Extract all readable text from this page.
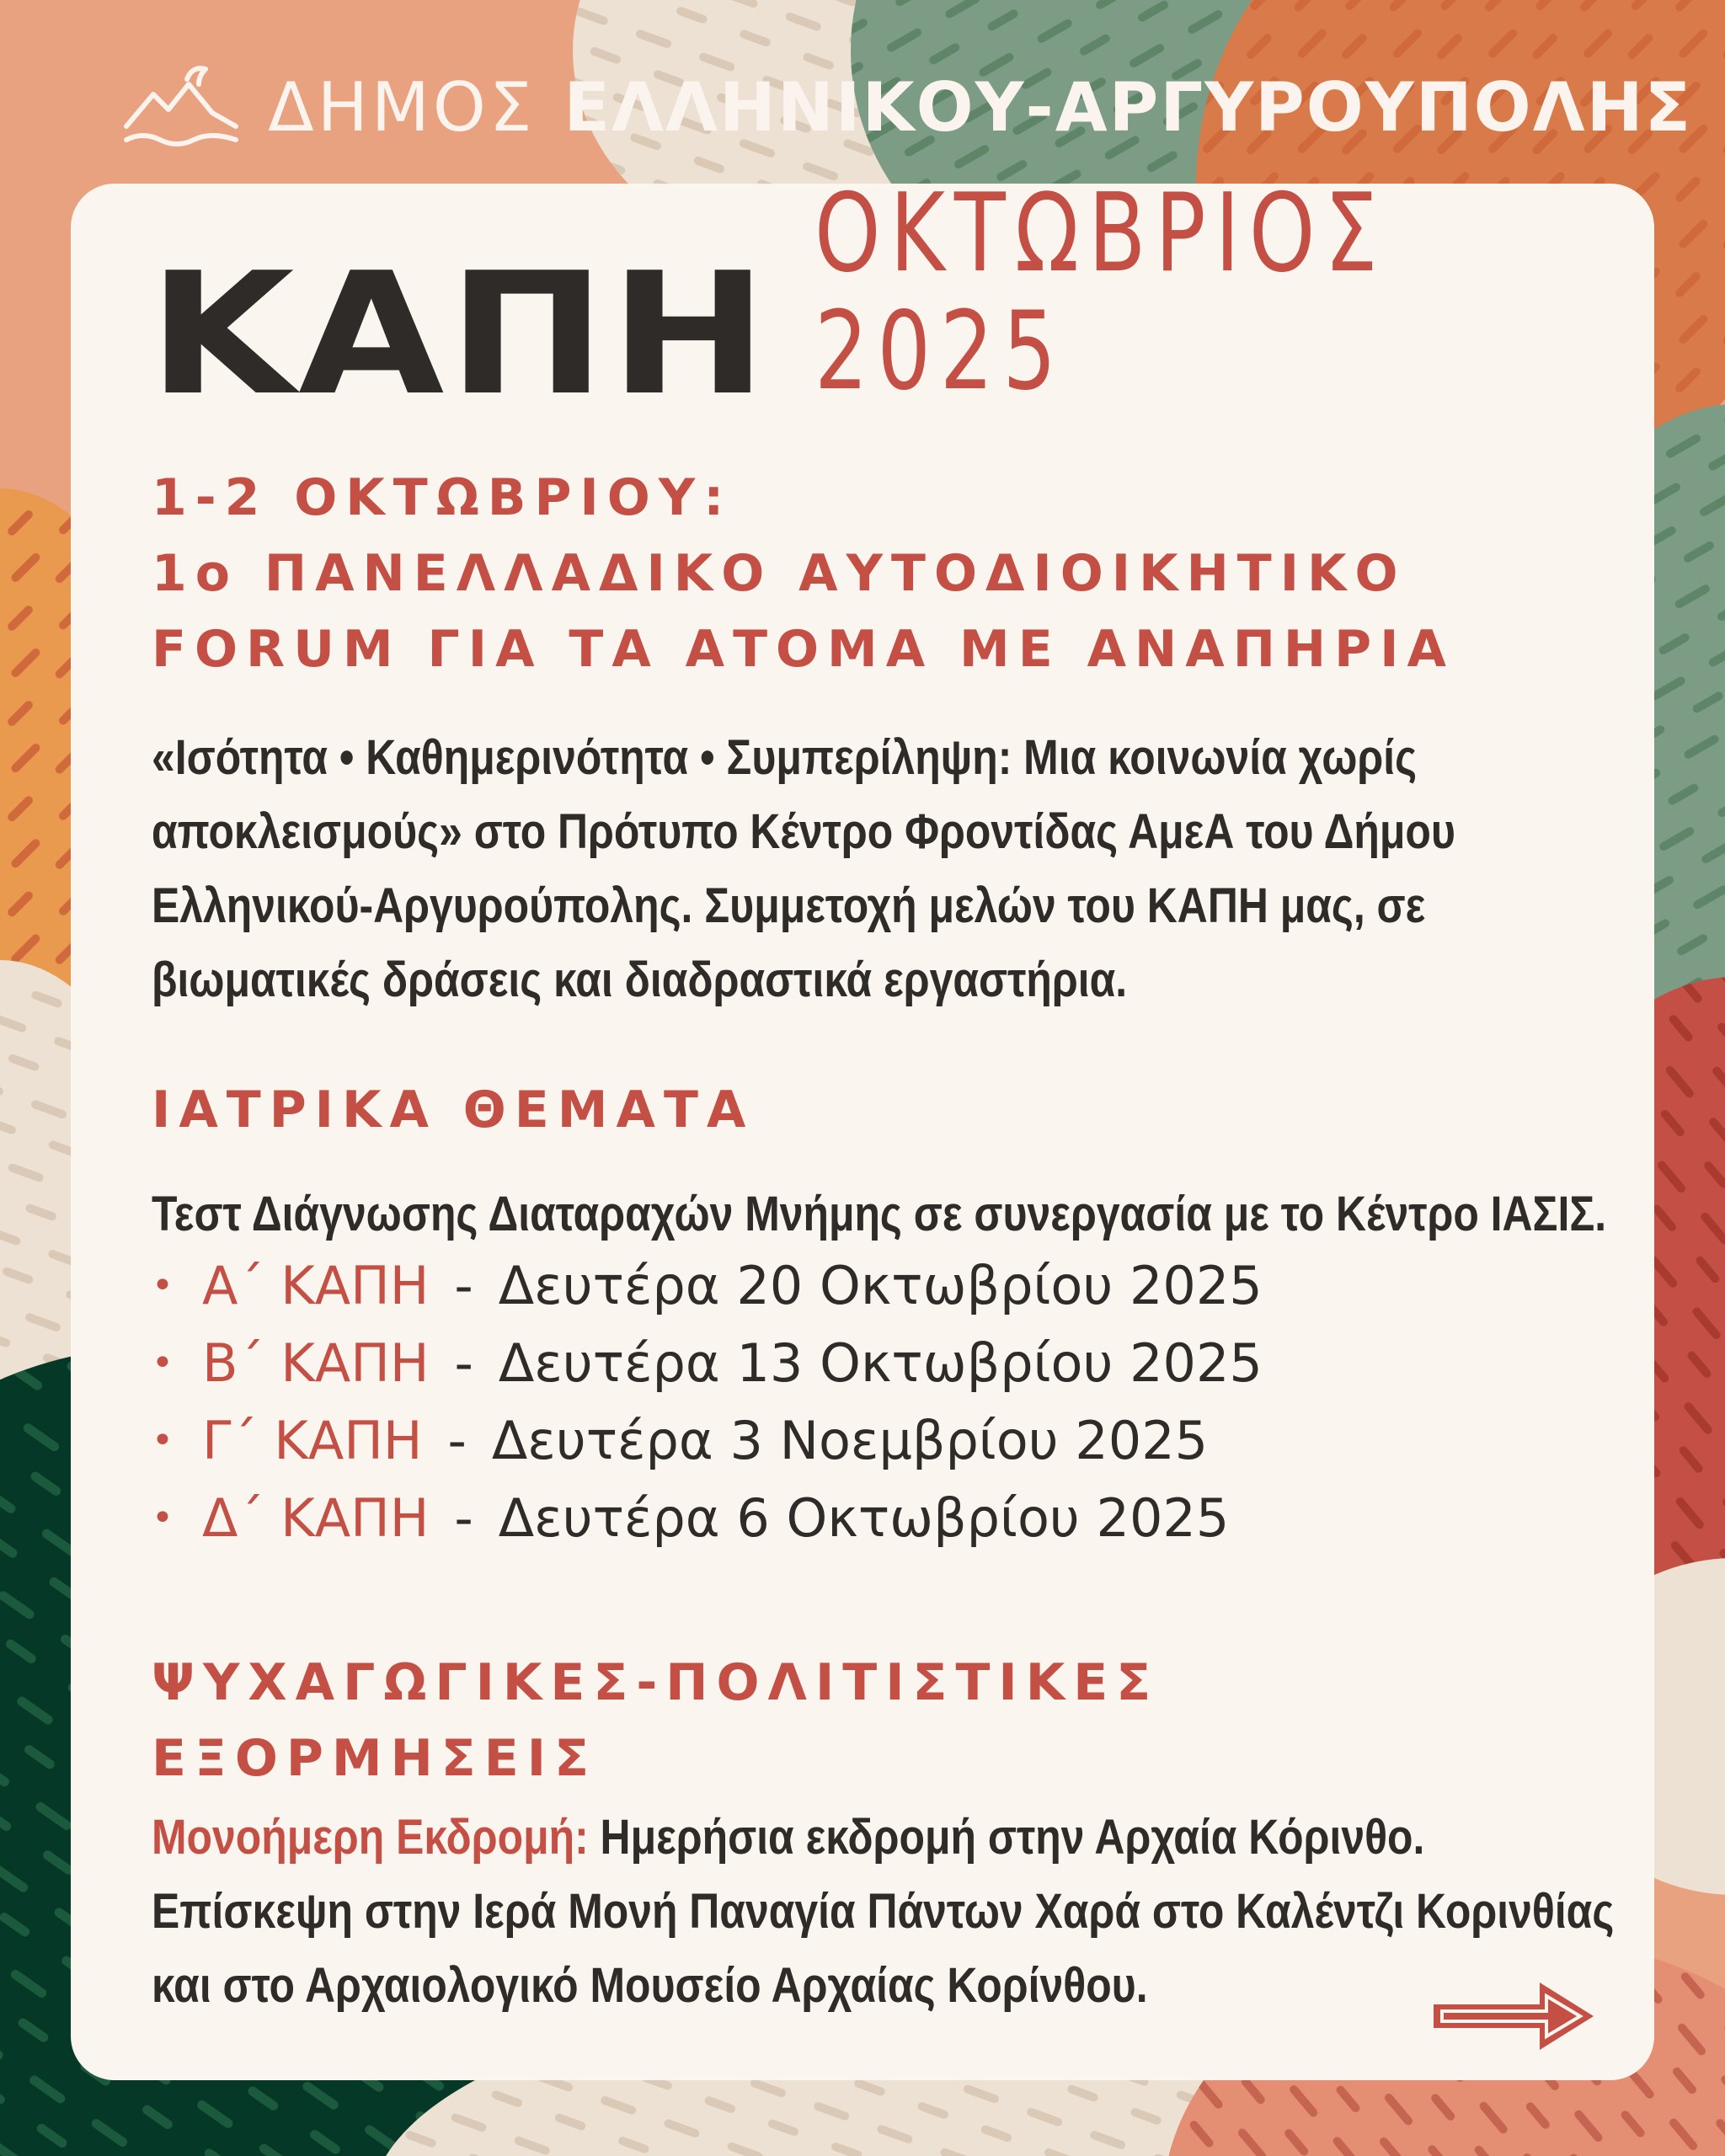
ΔΗΜΟΣ ΕΛΛΗΝΙΚΟΥ-ΑΡΓΥΡΟΥΠΟΛΗΣ
ΚΑΠΗ
ΟΚΤΩΒΡΙΟΣ 2025
1-2 ΟΚΤΩΒΡΙΟΥ:
1ο ΠΑΝΕΛΛΑΔΙΚΟ ΑΥΤΟΔΙΟΙΚΗΤΙΚΟ
FORUM ΓΙΑ ΤΑ ΑΤΟΜΑ ΜΕ ΑΝΑΠΗΡΙΑ
«Ισότητα • Καθημερινότητα • Συμπερίληψη: Μια κοινωνία χωρίς
αποκλεισμούς» στο Πρότυπο Κέντρο Φροντίδας ΑμεΑ του Δήμου
Ελληνικού-Αργυρούπολης. Συμμετοχή μελών του ΚΑΠΗ μας, σε
βιωματικές δράσεις και διαδραστικά εργαστήρια.
ΙΑΤΡΙΚΑ ΘΕΜΑΤΑ
Τεστ Διάγνωσης Διαταραχών Μνήμης σε συνεργασία με το Κέντρο ΙΑΣΙΣ.
• Α΄ ΚΑΠΗ - Δευτέρα 20 Οκτωβρίου 2025
• Β΄ ΚΑΠΗ - Δευτέρα 13 Οκτωβρίου 2025
• Γ΄ ΚΑΠΗ - Δευτέρα 3 Νοεμβρίου 2025
• Δ΄ ΚΑΠΗ - Δευτέρα 6 Οκτωβρίου 2025
ΨΥΧΑΓΩΓΙΚΕΣ-ΠΟΛΙΤΙΣΤΙΚΕΣ
ΕΞΟΡΜΗΣΕΙΣ
Μονοήμερη Εκδρομή: Ημερήσια εκδρομή στην Αρχαία Κόρινθο.
Επίσκεψη στην Ιερά Μονή Παναγία Πάντων Χαρά στο Καλέντζι Κορινθίας
και στο Αρχαιολογικό Μουσείο Αρχαίας Κορίνθου.
